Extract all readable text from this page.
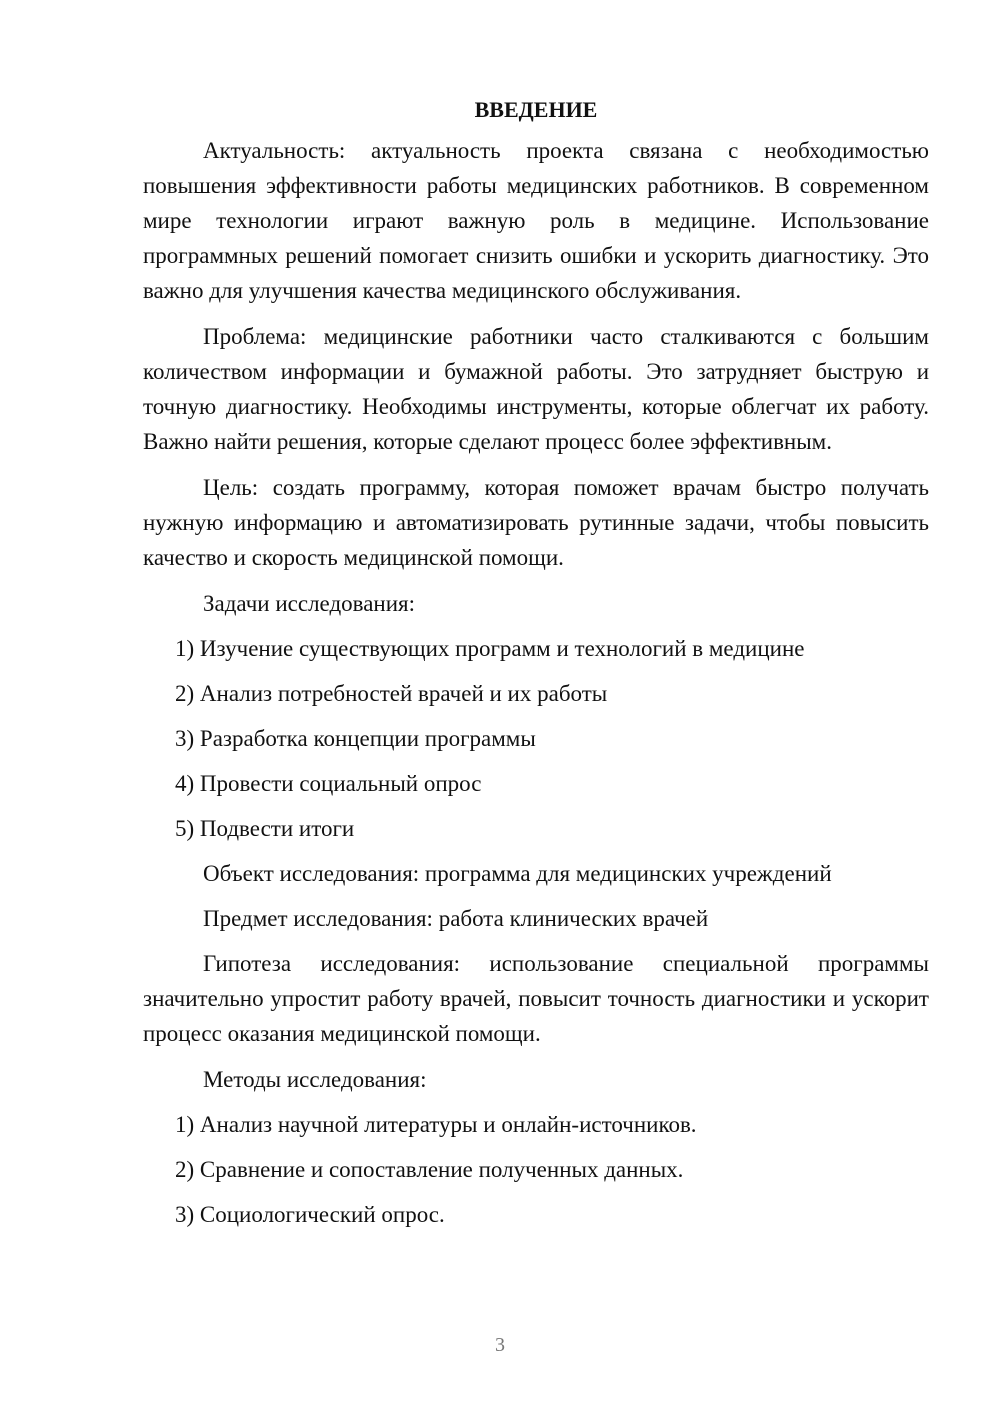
ВВЕДЕНИЕ

Актуальность: актуальность проекта связана с необходимостью повышения эффективности работы медицинских работников. В современном мире технологии играют важную роль в медицине. Использование программных решений помогает снизить ошибки и ускорить диагностику. Это важно для улучшения качества медицинского обслуживания.

Проблема: медицинские работники часто сталкиваются с большим количеством информации и бумажной работы. Это затрудняет быструю и точную диагностику. Необходимы инструменты, которые облегчат их работу. Важно найти решения, которые сделают процесс более эффективным.

Цель: создать программу, которая поможет врачам быстро получать нужную информацию и автоматизировать рутинные задачи, чтобы повысить качество и скорость медицинской помощи.

Задачи исследования:

1) Изучение существующих программ и технологий в медицине
2) Анализ потребностей врачей и их работы
3) Разработка концепции программы
4) Провести социальный опрос
5) Подвести итоги

Объект исследования: программа для медицинских учреждений

Предмет исследования: работа клинических врачей

Гипотеза исследования: использование специальной программы значительно упростит работу врачей, повысит точность диагностики и ускорит процесс оказания медицинской помощи.

Методы исследования:

1) Анализ научной литературы и онлайн-источников.
2) Сравнение и сопоставление полученных данных.
3) Социологический опрос.
3
